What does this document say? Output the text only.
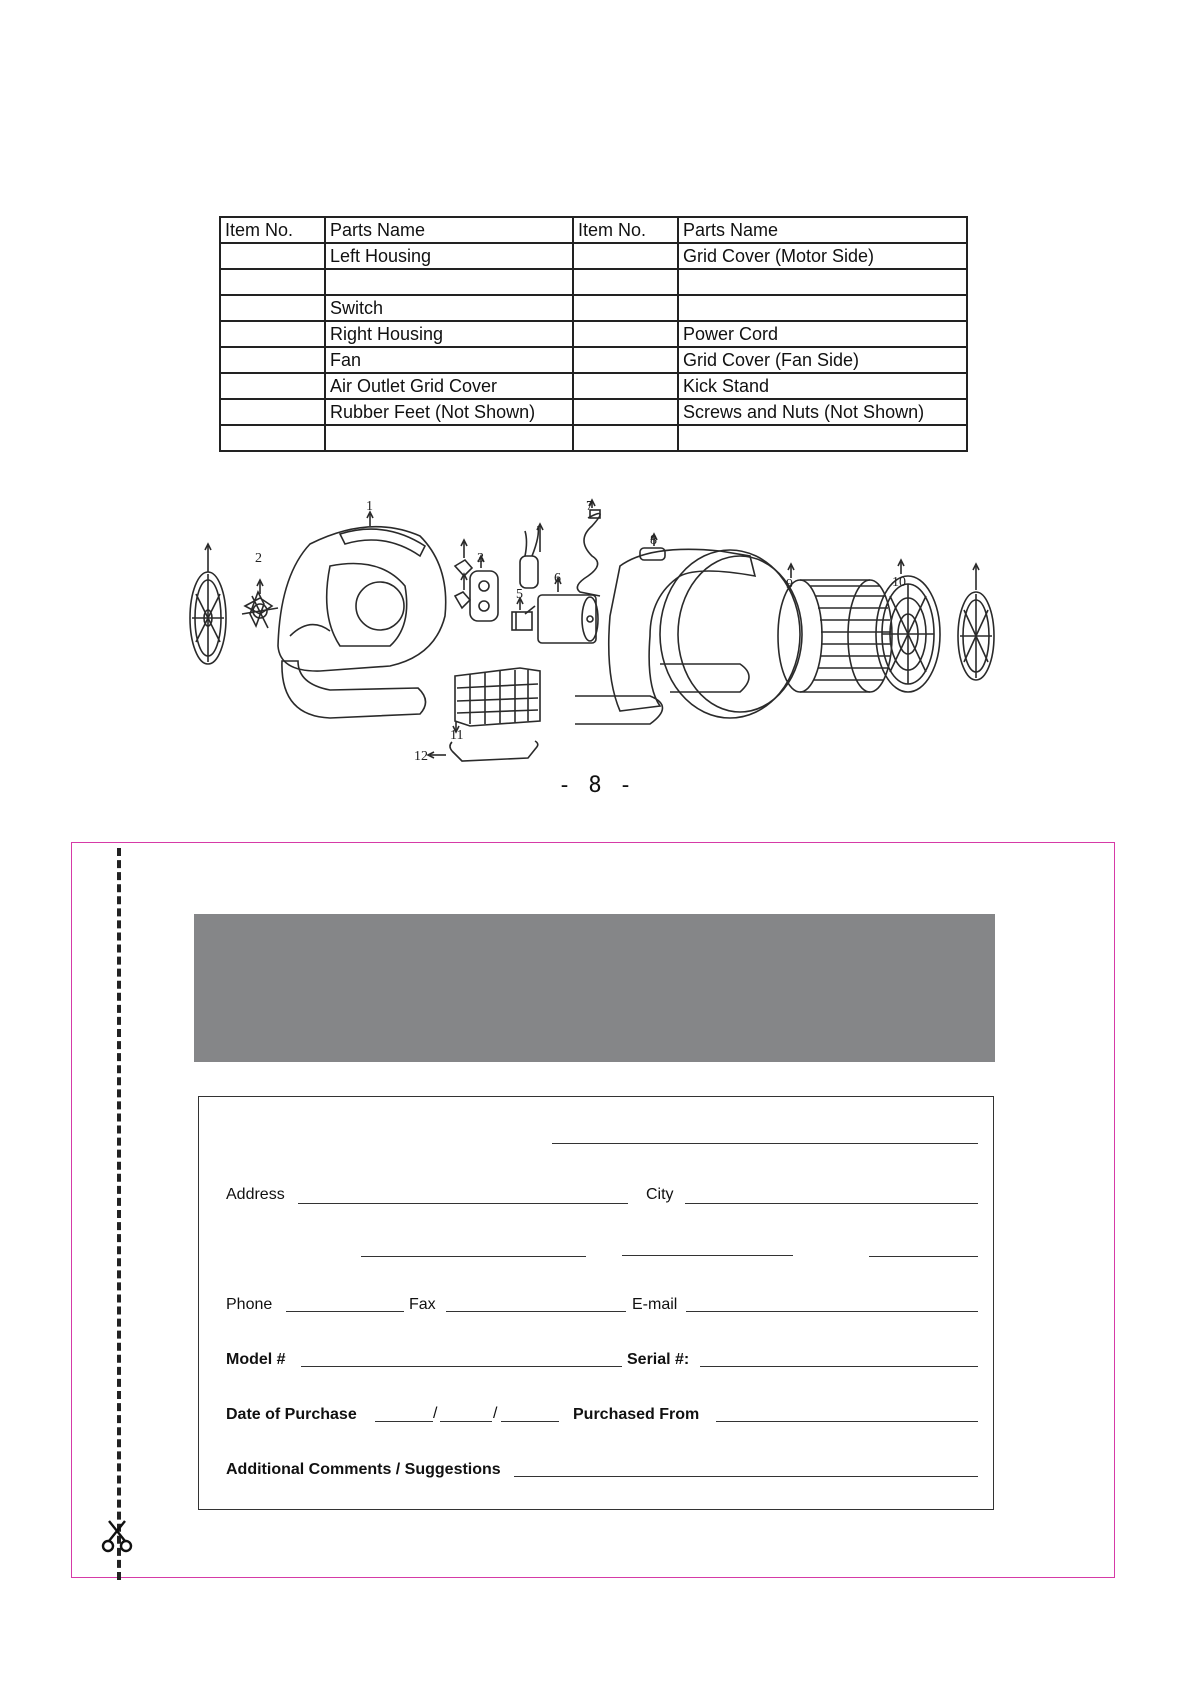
Item No.	Parts Name	Item No.	Parts Name
	Left Housing		Grid Cover (Motor Side)

	Switch		
	Right Housing		Power Cord
	Fan		Grid Cover (Fan Side)
	Air Outlet Grid Cover		Kick Stand
	Rubber Feet (Not Shown)		Screws and Nuts (Not Shown)

1
2	3
5
6
7
8
9	10
11
12
- 8 -
Address	City
Phone	Fax	E-mail
Model #	Serial #:
Date of Purchase	/	/	Purchased From
Additional Comments / Suggestions
